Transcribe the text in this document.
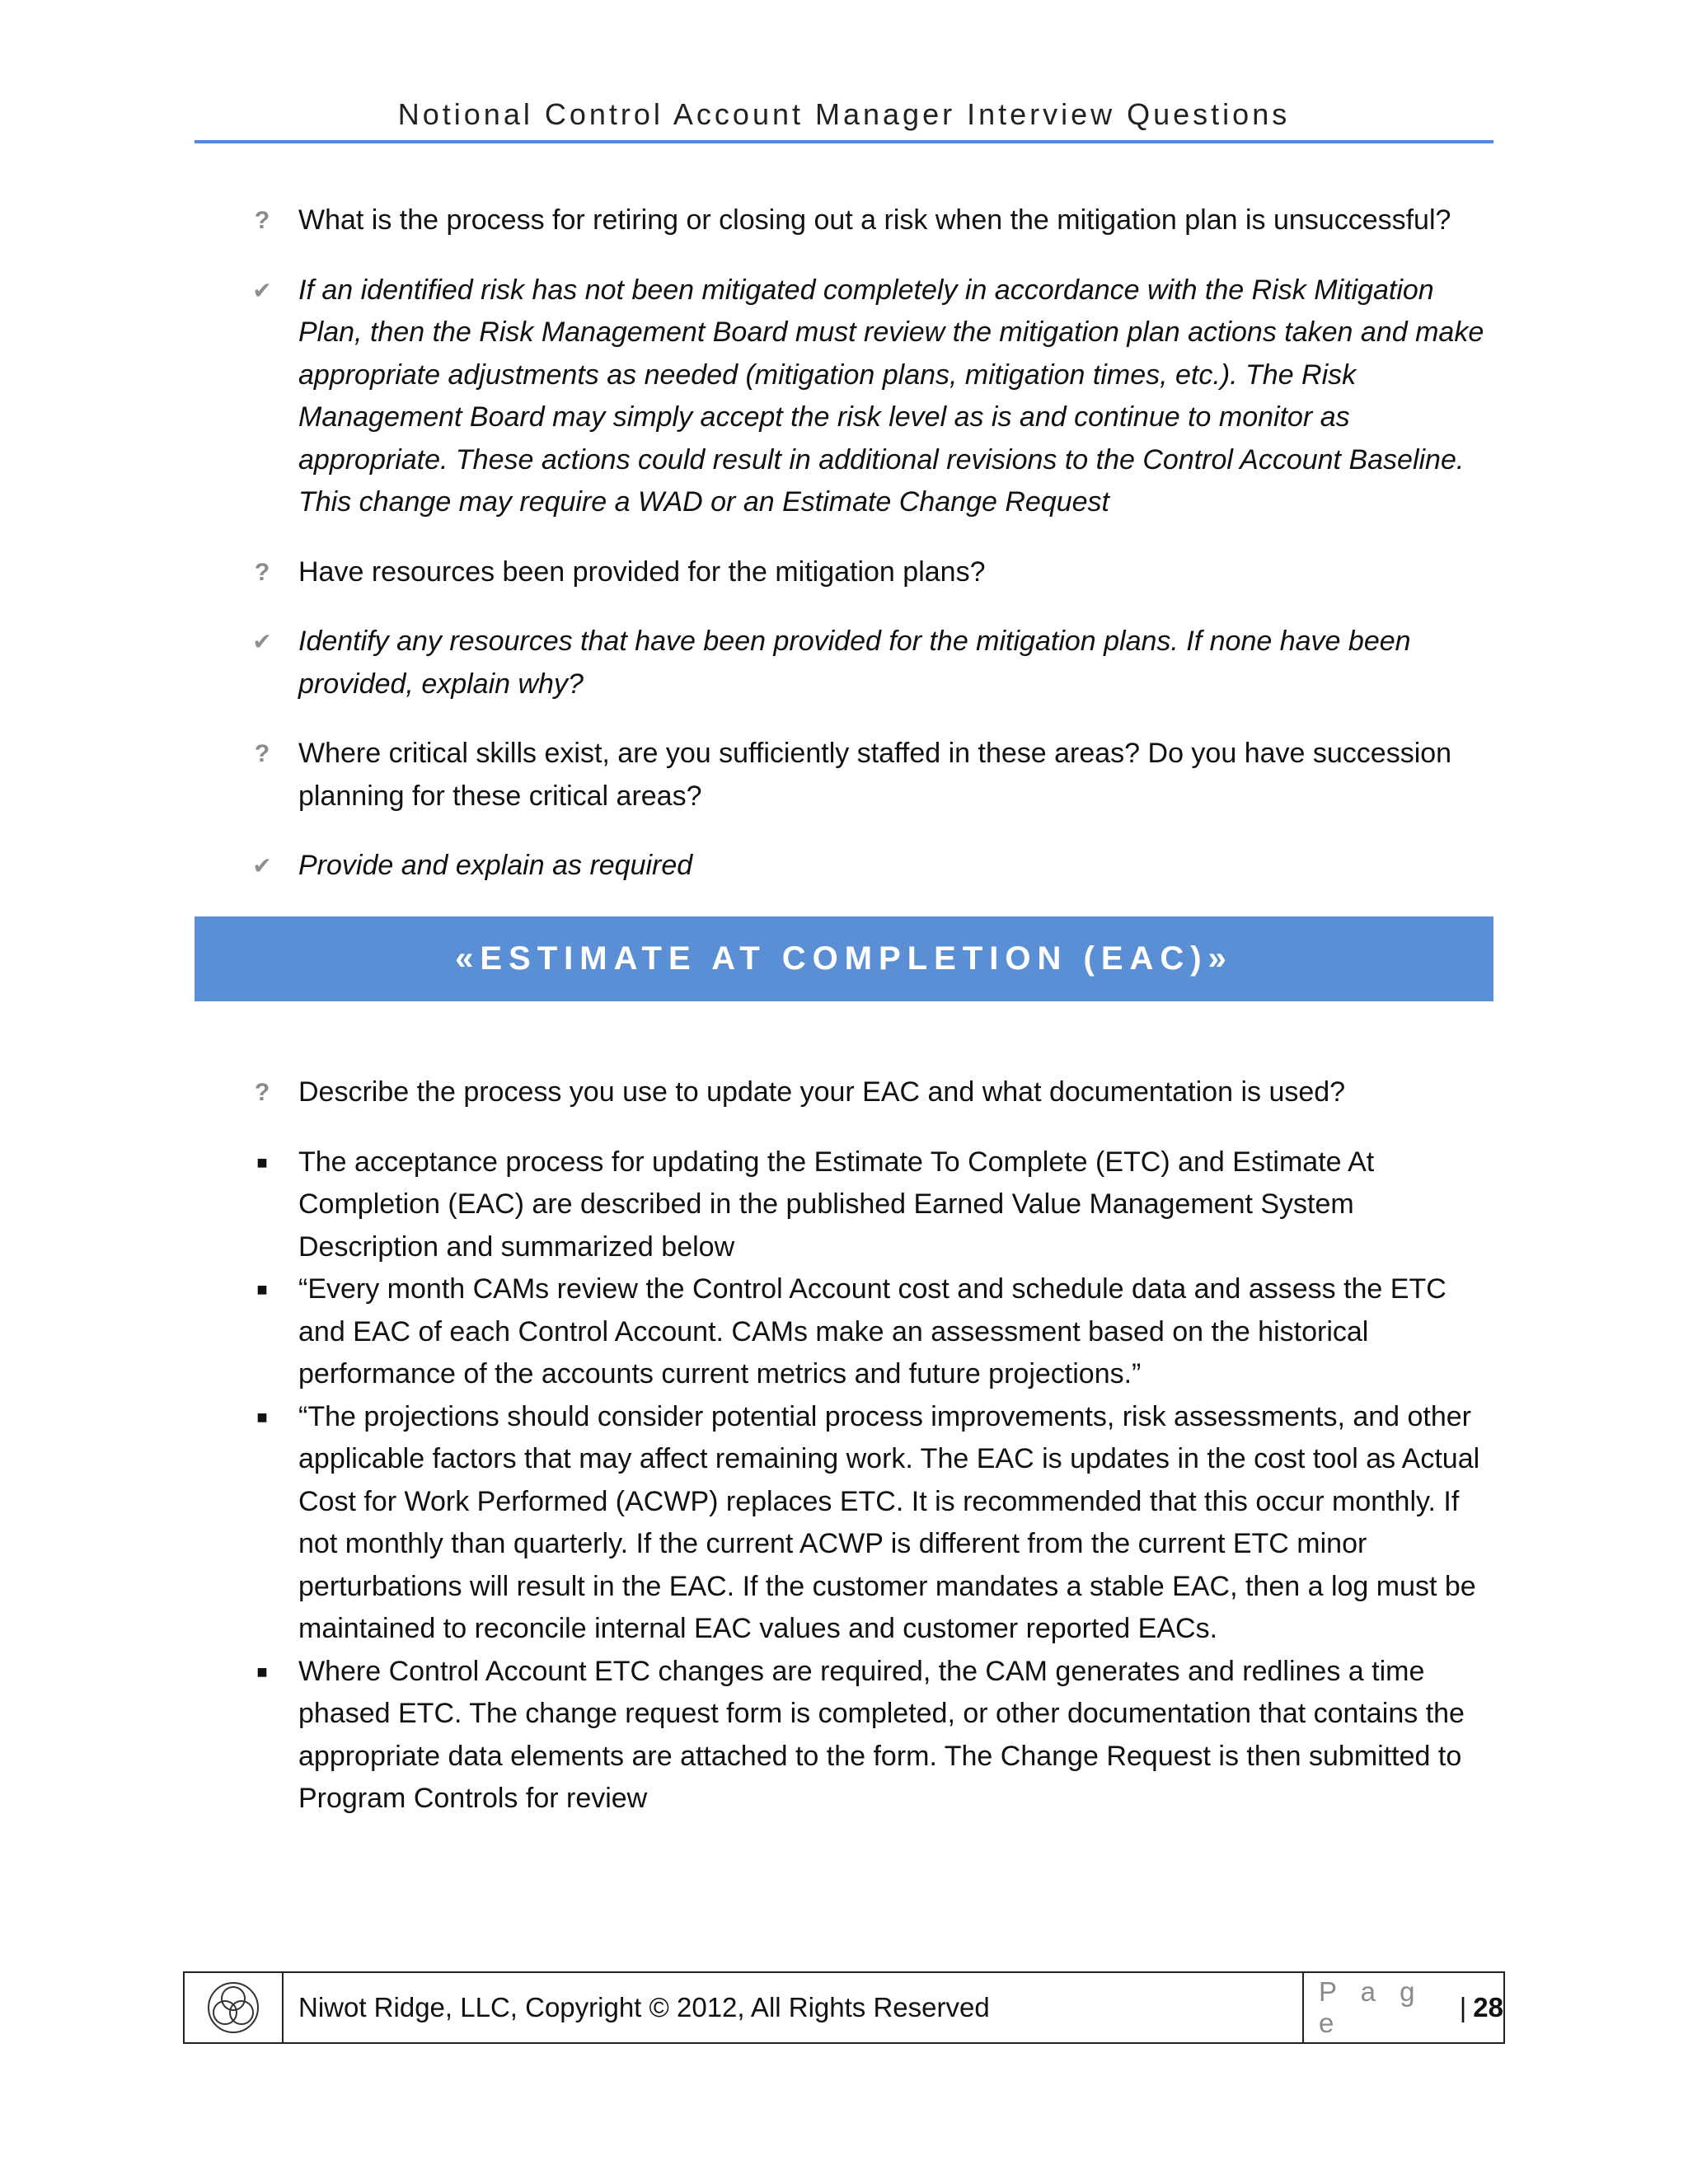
Notional Control Account Manager Interview Questions
?	What is the process for retiring or closing out a risk when the mitigation plan is unsuccessful?
✔ If an identified risk has not been mitigated completely in accordance with the Risk Mitigation Plan, then the Risk Management Board must review the mitigation plan actions taken and make appropriate adjustments as needed (mitigation plans, mitigation times, etc.). The Risk Management Board may simply accept the risk level as is and continue to monitor as appropriate. These actions could result in additional revisions to the Control Account Baseline. This change may require a WAD or an Estimate Change Request
?	Have resources been provided for the mitigation plans?
✔ Identify any resources that have been provided for the mitigation plans. If none have been provided, explain why?
?	Where critical skills exist, are you sufficiently staffed in these areas? Do you have succession planning for these critical areas?
✔ Provide and explain as required
«ESTIMATE AT COMPLETION (EAC)»
?	Describe the process you use to update your EAC and what documentation is used?
■	The acceptance process for updating the Estimate To Complete (ETC) and Estimate At Completion (EAC) are described in the published Earned Value Management System Description and summarized below
■	“Every month CAMs review the Control Account cost and schedule data and assess the ETC and EAC of each Control Account. CAMs make an assessment based on the historical performance of the accounts current metrics and future projections.”
■	“The projections should consider potential process improvements, risk assessments, and other applicable factors that may affect remaining work. The EAC is updates in the cost tool as Actual Cost for Work Performed (ACWP) replaces ETC. It is recommended that this occur monthly. If not monthly than quarterly. If the current ACWP is different from the current ETC minor perturbations will result in the EAC. If the customer mandates a stable EAC, then a log must be maintained to reconcile internal EAC values and customer reported EACs.
■	Where Control Account ETC changes are required, the CAM generates and redlines a time phased ETC. The change request form is completed, or other documentation that contains the appropriate data elements are attached to the form. The Change Request is then submitted to Program Controls for review
Niwot Ridge, LLC, Copyright © 2012, All Rights Reserved
P a g e
| 28
